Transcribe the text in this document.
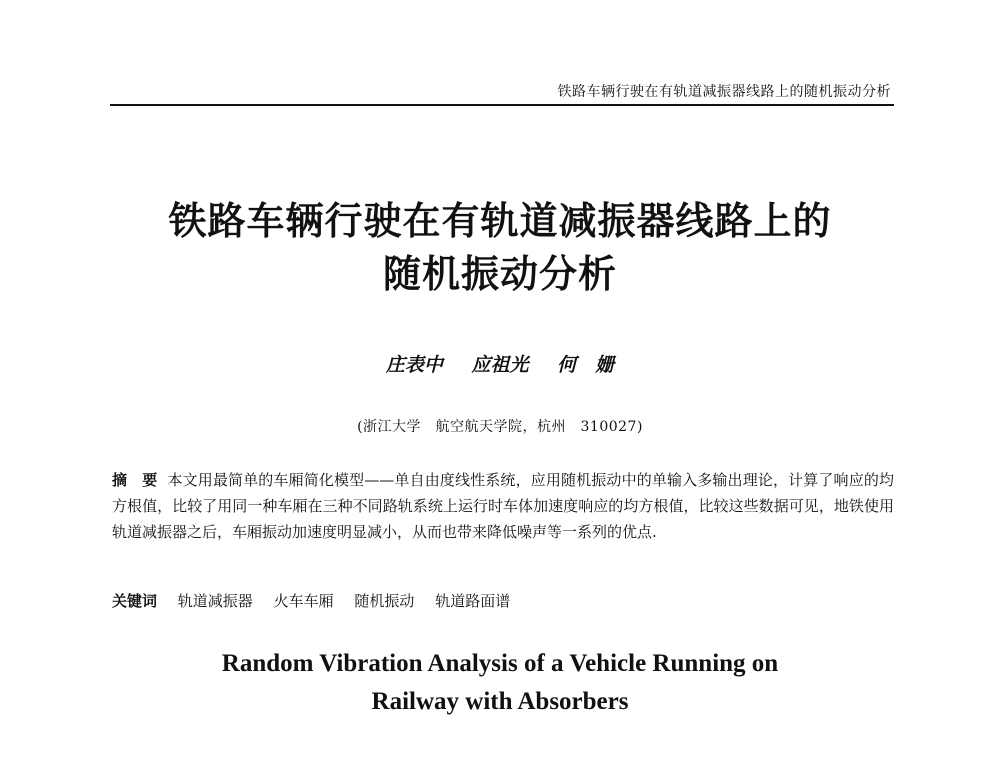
铁路车辆行驶在有轨道减振器线路上的随机振动分析
铁路车辆行驶在有轨道减振器线路上的
随机振动分析
庄表中 应祖光 何　姗
(浙江大学　航空航天学院，杭州　310027)
摘　要 本文用最简单的车厢简化模型——单自由度线性系统，应用随机振动中的单输入多输出理论，计算了响应的均方根值，比较了用同一种车厢在三种不同路轨系统上运行时车体加速度响应的均方根值，比较这些数据可见，地铁使用轨道减振器之后，车厢振动加速度明显减小，从而也带来降低噪声等一系列的优点.
关键词 轨道减振器 火车车厢 随机振动 轨道路面谱
Random Vibration Analysis of a Vehicle Running on
Railway with Absorbers
